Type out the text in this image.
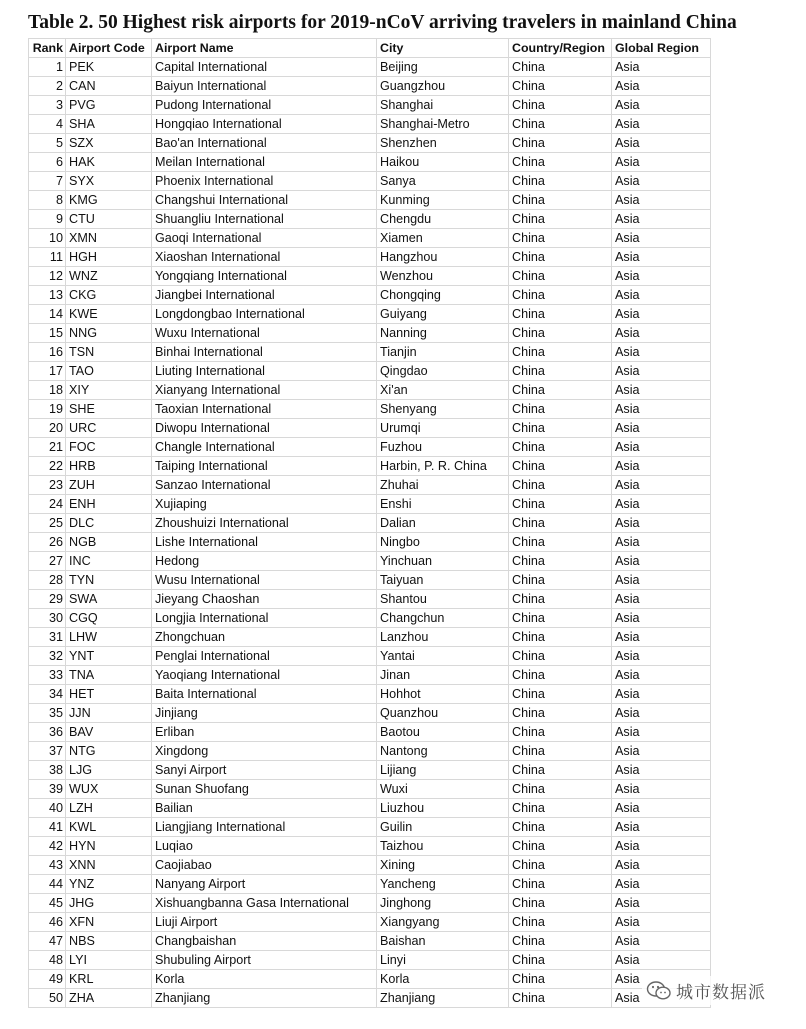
Table 2. 50 Highest risk airports for 2019-nCoV arriving travelers in mainland China
Rank	Airport Code	Airport Name	City	Country/Region	Global Region
1	PEK	Capital International	Beijing	China	Asia
2	CAN	Baiyun International	Guangzhou	China	Asia
3	PVG	Pudong International	Shanghai	China	Asia
4	SHA	Hongqiao International	Shanghai-Metro	China	Asia
5	SZX	Bao'an International	Shenzhen	China	Asia
6	HAK	Meilan International	Haikou	China	Asia
7	SYX	Phoenix International	Sanya	China	Asia
8	KMG	Changshui International	Kunming	China	Asia
9	CTU	Shuangliu International	Chengdu	China	Asia
10	XMN	Gaoqi International	Xiamen	China	Asia
11	HGH	Xiaoshan International	Hangzhou	China	Asia
12	WNZ	Yongqiang International	Wenzhou	China	Asia
13	CKG	Jiangbei International	Chongqing	China	Asia
14	KWE	Longdongbao International	Guiyang	China	Asia
15	NNG	Wuxu International	Nanning	China	Asia
16	TSN	Binhai International	Tianjin	China	Asia
17	TAO	Liuting International	Qingdao	China	Asia
18	XIY	Xianyang International	Xi'an	China	Asia
19	SHE	Taoxian International	Shenyang	China	Asia
20	URC	Diwopu International	Urumqi	China	Asia
21	FOC	Changle International	Fuzhou	China	Asia
22	HRB	Taiping International	Harbin, P. R. China	China	Asia
23	ZUH	Sanzao International	Zhuhai	China	Asia
24	ENH	Xujiaping	Enshi	China	Asia
25	DLC	Zhoushuizi International	Dalian	China	Asia
26	NGB	Lishe International	Ningbo	China	Asia
27	INC	Hedong	Yinchuan	China	Asia
28	TYN	Wusu International	Taiyuan	China	Asia
29	SWA	Jieyang Chaoshan	Shantou	China	Asia
30	CGQ	Longjia International	Changchun	China	Asia
31	LHW	Zhongchuan	Lanzhou	China	Asia
32	YNT	Penglai International	Yantai	China	Asia
33	TNA	Yaoqiang International	Jinan	China	Asia
34	HET	Baita International	Hohhot	China	Asia
35	JJN	Jinjiang	Quanzhou	China	Asia
36	BAV	Erliban	Baotou	China	Asia
37	NTG	Xingdong	Nantong	China	Asia
38	LJG	Sanyi Airport	Lijiang	China	Asia
39	WUX	Sunan Shuofang	Wuxi	China	Asia
40	LZH	Bailian	Liuzhou	China	Asia
41	KWL	Liangjiang International	Guilin	China	Asia
42	HYN	Luqiao	Taizhou	China	Asia
43	XNN	Caojiabao	Xining	China	Asia
44	YNZ	Nanyang Airport	Yancheng	China	Asia
45	JHG	Xishuangbanna Gasa International	Jinghong	China	Asia
46	XFN	Liuji Airport	Xiangyang	China	Asia
47	NBS	Changbaishan	Baishan	China	Asia
48	LYI	Shubuling Airport	Linyi	China	Asia
49	KRL	Korla	Korla	China	Asia
50	ZHA	Zhanjiang	Zhanjiang	China	Asia 城市数据派
